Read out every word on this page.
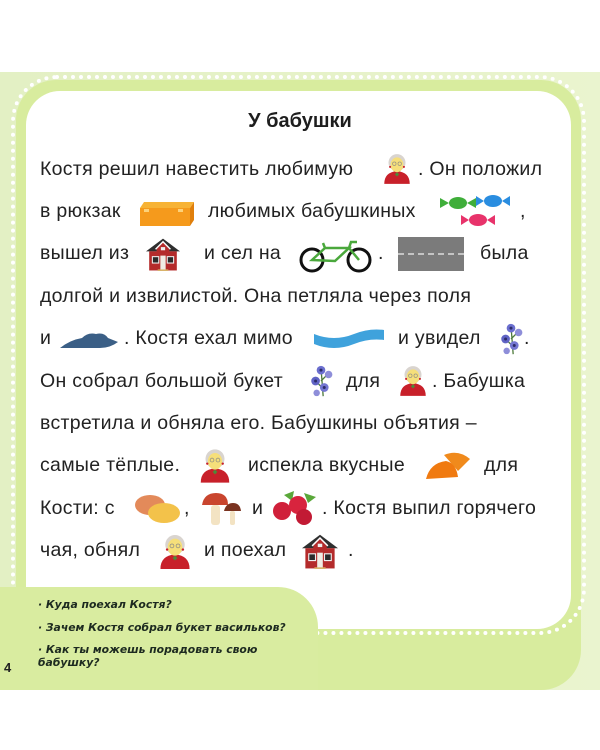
У бабушки
Костя решил навестить любимую	. Он положил
в рюкзак	любимых бабушкиных	,
вышел из	и сел на	.	была
долгой и извилистой. Она петляла через поля
и	. Костя ехал мимо	и увидел .
Он собрал большой букет	для	. Бабушка
встретила и обняла его. Бабушкины объятия –
самые тёплые.	испекла вкусные	для
Кости: с	,	и	. Костя выпил горячего
чая, обнял	и поехал	.
· Куда поехал Костя?
· Зачем Костя собрал букет васильков?
· Как ты можешь порадовать свою бабушку?
4
